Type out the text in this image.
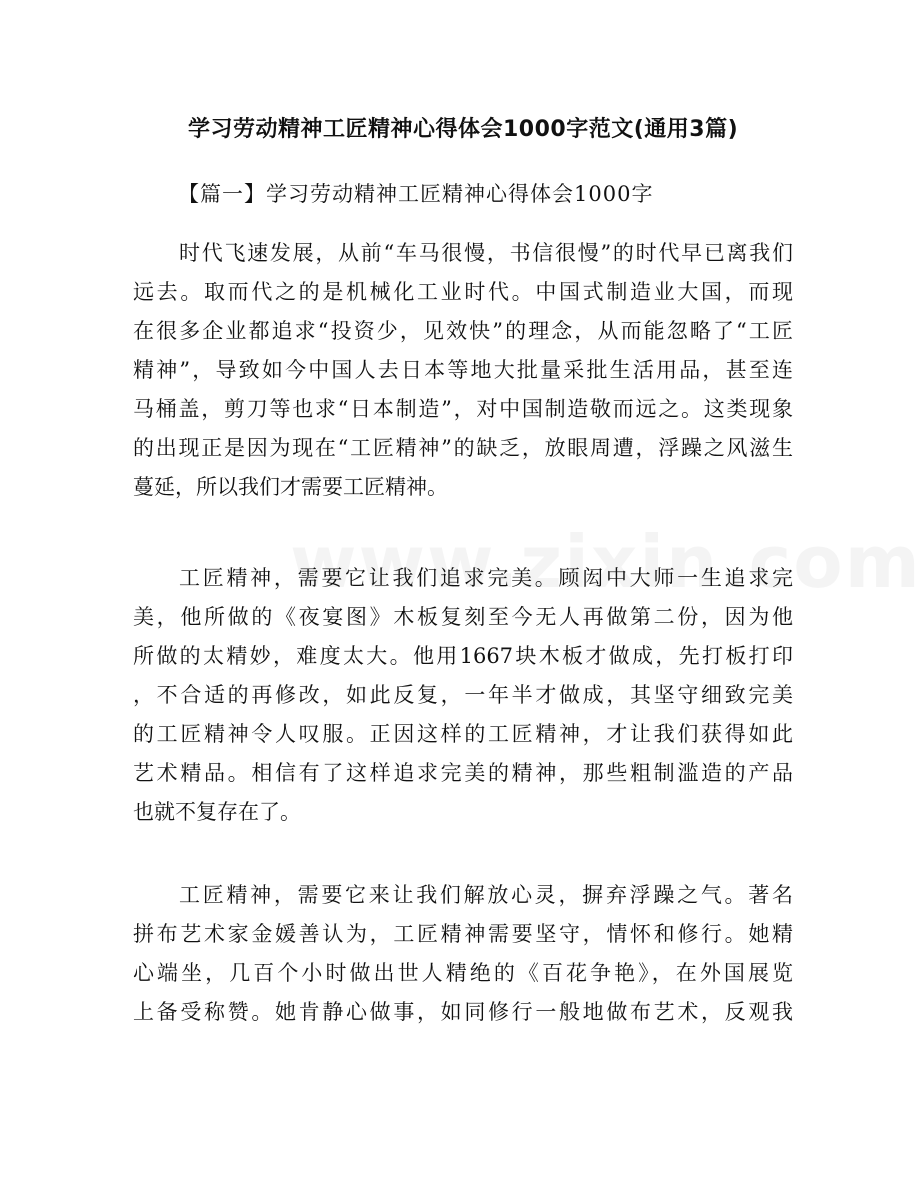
学习劳动精神工匠精神心得体会1000字范文(通用3篇)
【篇一】学习劳动精神工匠精神心得体会1000字
时代飞速发展，从前“车马很慢，书信很慢”的时代早已离我们
远去。取而代之的是机械化工业时代。中国式制造业大国，而现
在很多企业都追求“投资少，见效快”的理念，从而能忽略了“工匠
精神”，导致如今中国人去日本等地大批量采批生活用品，甚至连
马桶盖，剪刀等也求“日本制造”，对中国制造敬而远之。这类现象
的出现正是因为现在“工匠精神”的缺乏，放眼周遭，浮躁之风滋生
蔓延，所以我们才需要工匠精神。
工匠精神，需要它让我们追求完美。顾闳中大师一生追求完
美，他所做的《夜宴图》木板复刻至今无人再做第二份，因为他
所做的太精妙，难度太大。他用1667块木板才做成，先打板打印
，不合适的再修改，如此反复，一年半才做成，其坚守细致完美
的工匠精神令人叹服。正因这样的工匠精神，才让我们获得如此
艺术精品。相信有了这样追求完美的精神，那些粗制滥造的产品
也就不复存在了。
工匠精神，需要它来让我们解放心灵，摒弃浮躁之气。著名
拼布艺术家金媛善认为，工匠精神需要坚守，情怀和修行。她精
心端坐，几百个小时做出世人精绝的《百花争艳》，在外国展览
上备受称赞。她肯静心做事，如同修行一般地做布艺术，反观我
